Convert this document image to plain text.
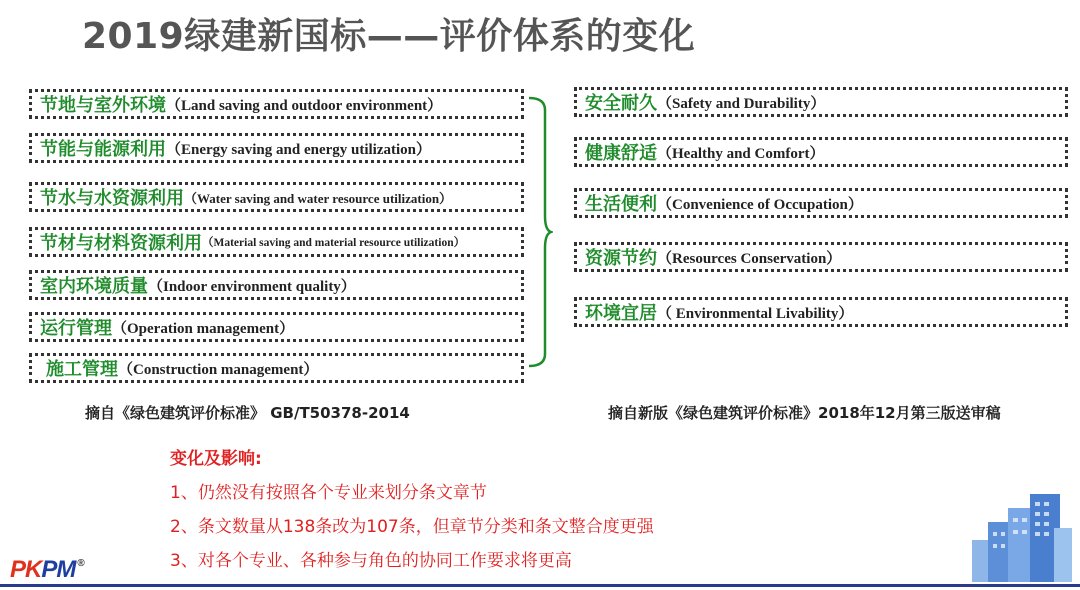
2019绿建新国标——评价体系的变化
节地与室外环境 （Land saving and outdoor environment）
节能与能源利用 （Energy saving and energy utilization）
节水与水资源利用 （Water saving and water resource utilization）
节材与材料资源利用 （Material saving and material resource utilization）
室内环境质量 （Indoor environment quality）
运行管理 （Operation management）
施工管理 （Construction management）
安全耐久 （Safety and Durability）
健康舒适 （Healthy and Comfort）
生活便利 （Convenience of Occupation）
资源节约 （Resources Conservation）
环境宜居 （ Environmental Livability）
摘自《绿色建筑评价标准》 GB/T50378-2014	摘自新版《绿色建筑评价标准》2018年12月第三版送审稿
变化及影响:
1、仍然没有按照各个专业来划分条文章节
2、条文数量从138条改为107条，但章节分类和条文整合度更强
3、对各个专业、各种参与角色的协同工作要求将更高
PK PM ®
